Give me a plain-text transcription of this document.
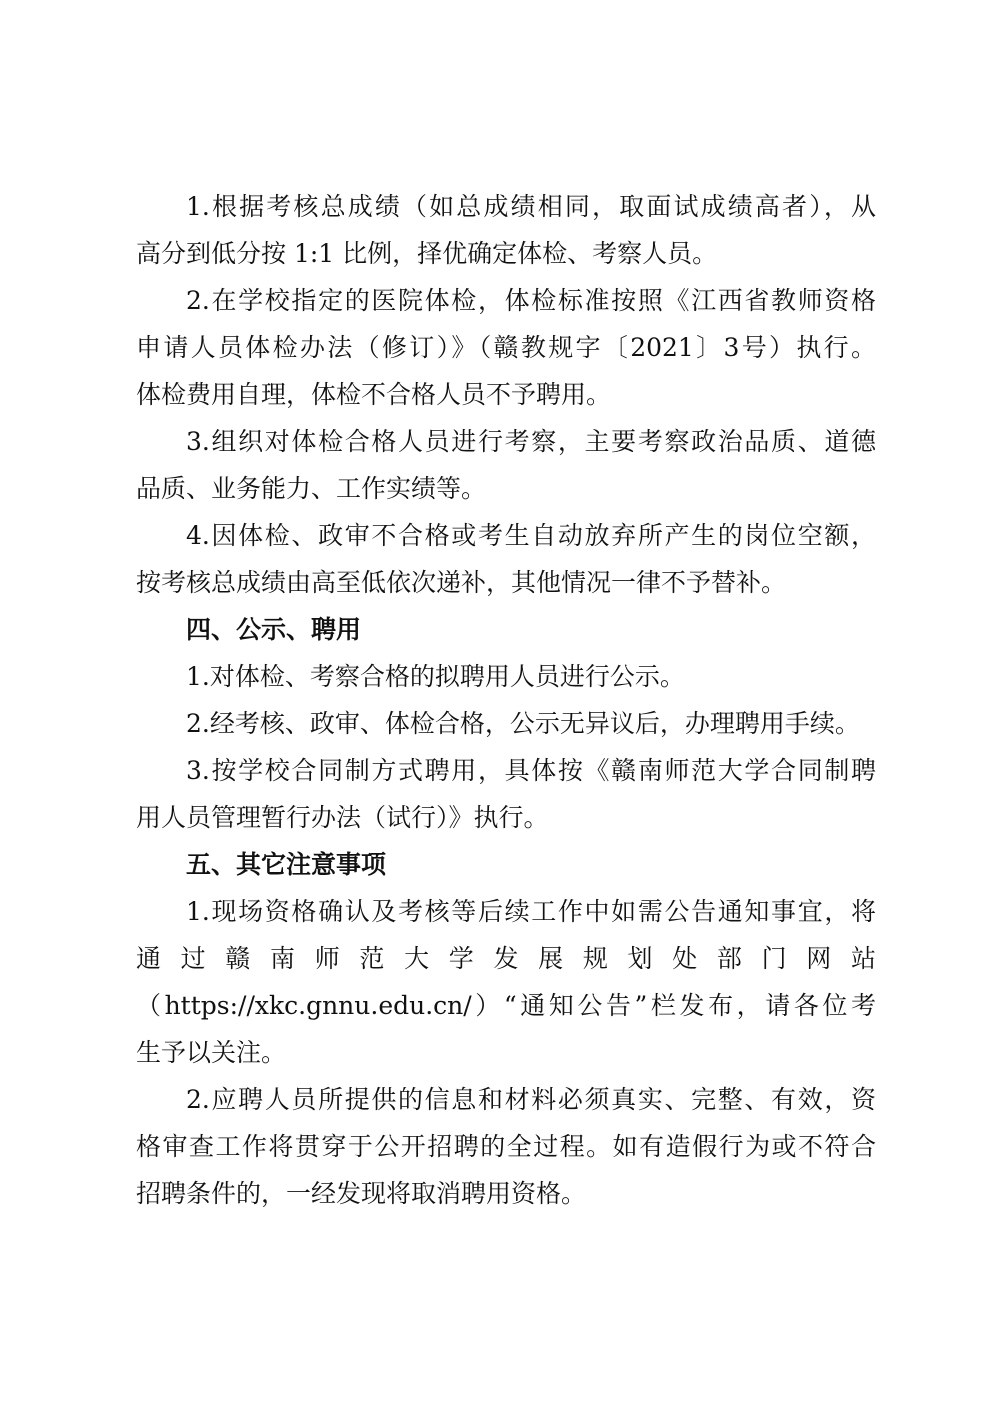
1.根据考核总成绩（如总成绩相同，取面试成绩高者），从
高分到低分按 1:1 比例，择优确定体检、考察人员。
2.在学校指定的医院体检，体检标准按照《江西省教师资格
申请人员体检办法（修订）》（赣教规字〔2021〕3号）执行。
体检费用自理，体检不合格人员不予聘用。
3.组织对体检合格人员进行考察，主要考察政治品质、道德
品质、业务能力、工作实绩等。
4.因体检、政审不合格或考生自动放弃所产生的岗位空额，
按考核总成绩由高至低依次递补，其他情况一律不予替补。
四、公示、聘用
1.对体检、考察合格的拟聘用人员进行公示。
2.经考核、政审、体检合格，公示无异议后，办理聘用手续。
3.按学校合同制方式聘用，具体按《赣南师范大学合同制聘
用人员管理暂行办法（试行）》执行。
五、其它注意事项
1.现场资格确认及考核等后续工作中如需公告通知事宜，将
通过赣南师范大学发展规划处部门网站
（https://xkc.gnnu.edu.cn/）“通知公告”栏发布，请各位考
生予以关注。
2.应聘人员所提供的信息和材料必须真实、完整、有效，资
格审查工作将贯穿于公开招聘的全过程。如有造假行为或不符合
招聘条件的，一经发现将取消聘用资格。
